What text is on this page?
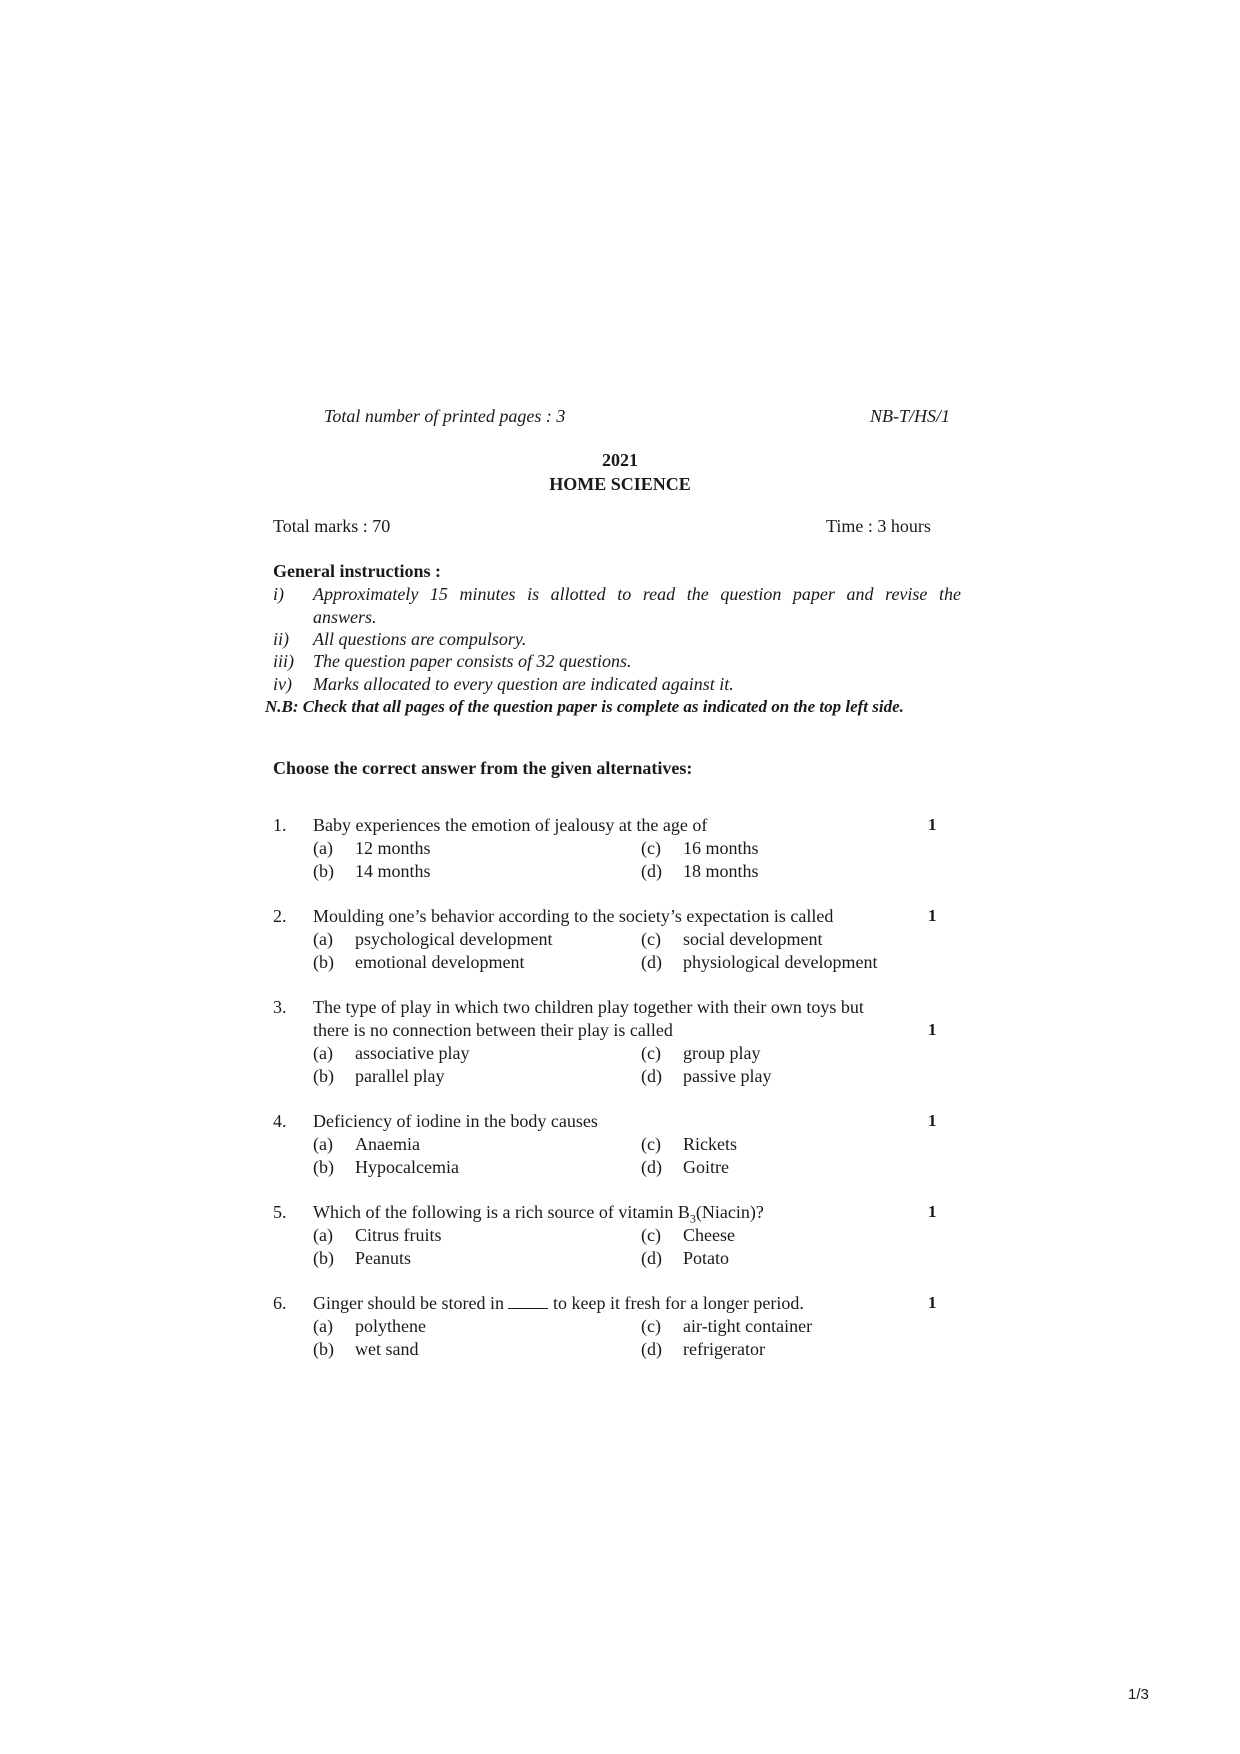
Total number of printed pages : 3	NB-T/HS/1
2021
HOME SCIENCE
Total marks : 70	Time : 3 hours
General instructions :
i) Approximately 15 minutes is allotted to read the question paper and revise the
answers.
ii) All questions are compulsory.
iii) The question paper consists of 32 questions.
iv) Marks allocated to every question are indicated against it.
N.B: Check that all pages of the question paper is complete as indicated on the top left side.
Choose the correct answer from the given alternatives:
1. Baby experiences the emotion of jealousy at the age of	1
(a)	12 months
(b)	14 months
(c)	16 months
(d)	18 months
2. Moulding one’s behavior according to the society’s expectation is called	1
(a)	psychological development
(b)	emotional development
(c)	social development
(d)	physiological development
3. The type of play in which two children play together with their own toys but
there is no connection between their play is called	1
(a)	associative play
(b)	parallel play
(c)	group play
(d)	passive play
4. Deficiency of iodine in the body causes	1
(a)	Anaemia
(b)	Hypocalcemia
(c)	Rickets
(d)	Goitre
5. Which of the following is a rich source of vitamin $B_3(Niacin)$?	1
(a)	Citrus fruits
(b)	Peanuts
(c)	Cheese
(d)	Potato
6. Ginger should be stored in	to keep it fresh for a longer period.	1
(a)	polythene
(b)	wet sand
(c)	air-tight container
(d)	refrigerator
1/3
